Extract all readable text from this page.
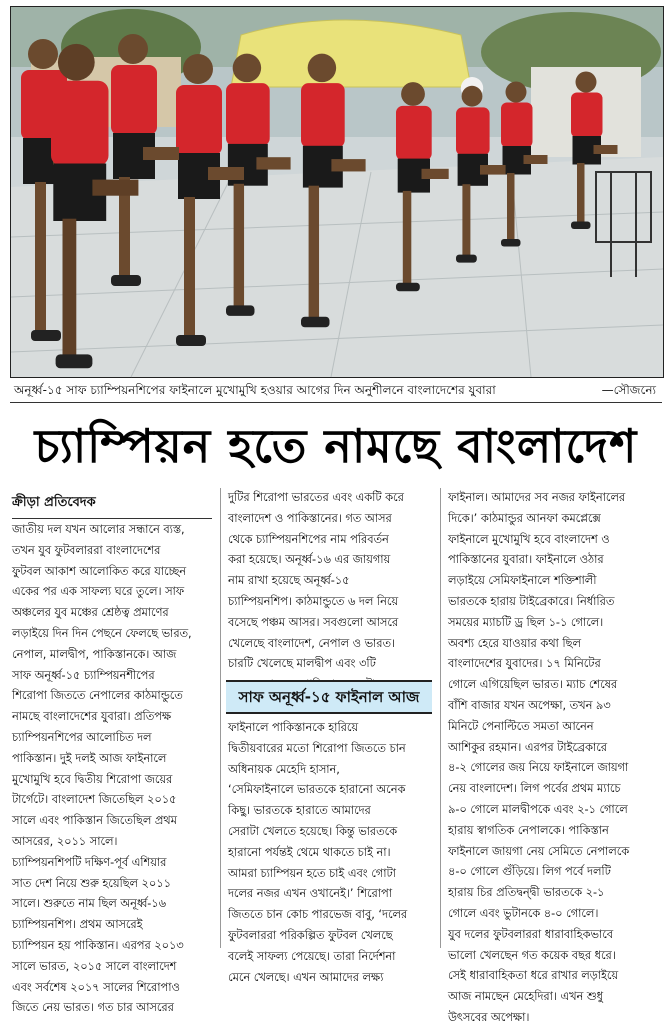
অনূর্ধ্ব-১৫ সাফ চ্যাম্পিয়নশিপের ফাইনালে মুখোমুখি হওয়ার আগের দিন অনুশীলনে বাংলাদেশের যুবারা	—সৌজন্যে
চ্যাম্পিয়ন হতে নামছে বাংলাদেশ
ক্রীড়া প্রতিবেদক
জাতীয় দল যখন আলোর সন্ধানে ব্যস্ত,
তখন যুব ফুটবলাররা বাংলাদেশের
ফুটবল আকাশ আলোকিত করে যাচ্ছেন
একের পর এক সাফল্য ঘরে তুলে। সাফ
অঞ্চলের যুব মঞ্চের শ্রেষ্ঠত্ব প্রমাণের
লড়াইয়ে দিন দিন পেছনে ফেলছে ভারত,
নেপাল, মালদ্বীপ, পাকিস্তানকে। আজ
সাফ অনূর্ধ্ব-১৫ চ্যাম্পিয়নশীপের
শিরোপা জিততে নেপালের কাঠমান্ডুতে
নামছে বাংলাদেশের যুবারা। প্রতিপক্ষ
চ্যাম্পিয়নশিপের আলোচিত দল
পাকিস্তান। দুই দলই আজ ফাইনালে
মুখোমুখি হবে দ্বিতীয় শিরোপা জয়ের
টার্গেটে। বাংলাদেশ জিতেছিল ২০১৫
সালে এবং পাকিস্তান জিতেছিল প্রথম
আসরের, ২০১১ সালে।
চ্যাম্পিয়নশিপটি দক্ষিণ-পূর্ব এশিয়ার
সাত দেশ নিয়ে শুরু হয়েছিল ২০১১
সালে। শুরুতে নাম ছিল অনূর্ধ্ব-১৬
চ্যাম্পিয়নশিপ। প্রথম আসরেই
চ্যাম্পিয়ন হয় পাকিস্তান। এরপর ২০১৩
সালে ভারত, ২০১৫ সালে বাংলাদেশ
এবং সর্বশেষ ২০১৭ সালের শিরোপাও
জিতে নেয় ভারত। গত চার আসরের
দুটির শিরোপা ভারতের এবং একটি করে
বাংলাদেশ ও পাকিস্তানের। গত আসর
থেকে চ্যাম্পিয়নশিপের নাম পরিবর্তন
করা হয়েছে। অনূর্ধ্ব-১৬ এর জায়গায়
নাম রাখা হয়েছে অনূর্ধ্ব-১৫
চ্যাম্পিয়নশিপ। কাঠমান্ডুতে ৬ দল নিয়ে
বসেছে পঞ্চম আসর। সবগুলো আসরে
খেলেছে বাংলাদেশ, নেপাল ও ভারত।
চারটি খেলেছে মালদ্বীপ এবং ৩টি
সাফ অনূর্ধ্ব-১৫ ফাইনাল আজ
ফাইনালে পাকিস্তানকে হারিয়ে
দ্বিতীয়বারের মতো শিরোপা জিততে চান
অধিনায়ক মেহেদি হাসান,
‘সেমিফাইনালে ভারতকে হারানো অনেক
কিছু। ভারতকে হারাতে আমাদের
সেরাটা খেলতে হয়েছে। কিন্তু ভারতকে
হারানো পর্যন্তই থেমে থাকতে চাই না।
আমরা চ্যাম্পিয়ন হতে চাই এবং গোটা
দলের নজর এখন ওখানেই।’ শিরোপা
জিততে চান কোচ পারভেজ বাবু, ‘দলের
ফুটবলাররা পরিকল্পিত ফুটবল খেলছে
বলেই সাফল্য পেয়েছে। তারা নির্দেশনা
মেনে খেলছে। এখন আমাদের লক্ষ্য
ফাইনাল। আমাদের সব নজর ফাইনালের
দিকে।’ কাঠমান্ডুর আনফা কমপ্লেক্সে
ফাইনালে মুখোমুখি হবে বাংলাদেশ ও
পাকিস্তানের যুবারা। ফাইনালে ওঠার
লড়াইয়ে সেমিফাইনালে শক্তিশালী
ভারতকে হারায় টাইব্রেকারে। নির্ধারিত
সময়ের ম্যাচটি ড্র ছিল ১-১ গোলে।
অবশ্য হেরে যাওয়ার কথা ছিল
বাংলাদেশের যুবাদের। ১৭ মিনিটের
গোলে এগিয়েছিল ভারত। ম্যাচ শেষের
বাঁশি বাজার যখন অপেক্ষা, তখন ৯৩
মিনিটে পেনাল্টিতে সমতা আনেন
আশিকুর রহমান। এরপর টাইব্রেকারে
৪-২ গোলের জয় নিয়ে ফাইনালে জায়গা
নেয় বাংলাদেশ। লিগ পর্বের প্রথম ম্যাচে
৯-০ গোলে মালদ্বীপকে এবং ২-১ গোলে
হারায় স্বাগতিক নেপালকে। পাকিস্তান
ফাইনালে জায়গা নেয় সেমিতে নেপালকে
৪-০ গোলে গুঁড়িয়ে। লিগ পর্বে দলটি
হারায় চির প্রতিদ্বন্দ্বী ভারতকে ২-১
গোলে এবং ভুটানকে ৪-০ গোলে।
যুব দলের ফুটবলাররা ধারাবাহিকভাবে
ভালো খেলছেন গত কয়েক বছর ধরে।
সেই ধারাবাহিকতা ধরে রাখার লড়াইয়ে
আজ নামছেন মেহেদিরা। এখন শুধু
উৎসবের অপেক্ষা।
